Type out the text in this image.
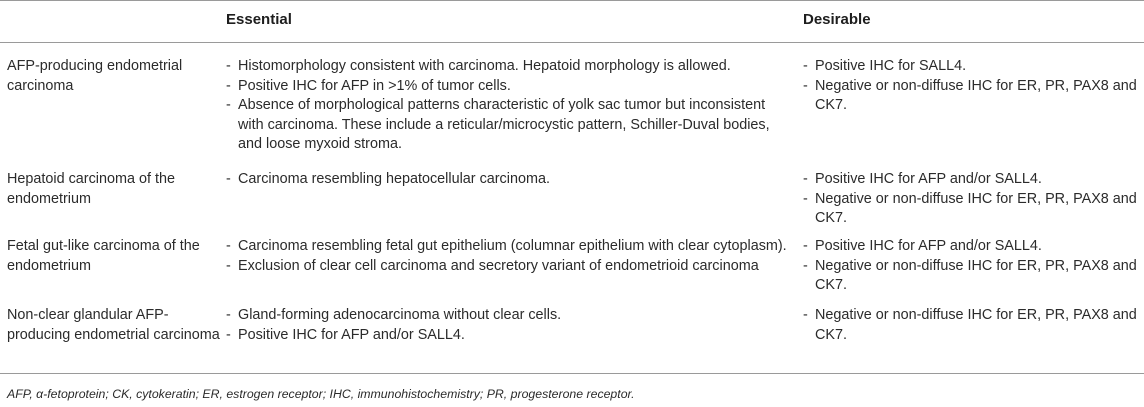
Essential	Desirable
AFP-producing endometrial carcinoma
- Histomorphology consistent with carcinoma. Hepatoid morphology is allowed.
- Positive IHC for AFP in >1% of tumor cells.
- Absence of morphological patterns characteristic of yolk sac tumor but inconsistent with carcinoma. These include a reticular/microcystic pattern, Schiller-Duval bodies, and loose myxoid stroma.
- Positive IHC for SALL4.
- Negative or non-diffuse IHC for ER, PR, PAX8 and CK7.
Hepatoid carcinoma of the endometrium
- Carcinoma resembling hepatocellular carcinoma.	- Positive IHC for AFP and/or SALL4.
- Negative or non-diffuse IHC for ER, PR, PAX8 and CK7.
Fetal gut-like carcinoma of the endometrium
- Carcinoma resembling fetal gut epithelium (columnar epithelium with clear cytoplasm).
- Exclusion of clear cell carcinoma and secretory variant of endometrioid carcinoma
- Positive IHC for AFP and/or SALL4.
- Negative or non-diffuse IHC for ER, PR, PAX8 and CK7.
Non-clear glandular AFP-producing endometrial carcinoma
- Gland-forming adenocarcinoma without clear cells.
- Positive IHC for AFP and/or SALL4.
- Negative or non-diffuse IHC for ER, PR, PAX8 and CK7.
AFP, α-fetoprotein; CK, cytokeratin; ER, estrogen receptor; IHC, immunohistochemistry; PR, progesterone receptor.
